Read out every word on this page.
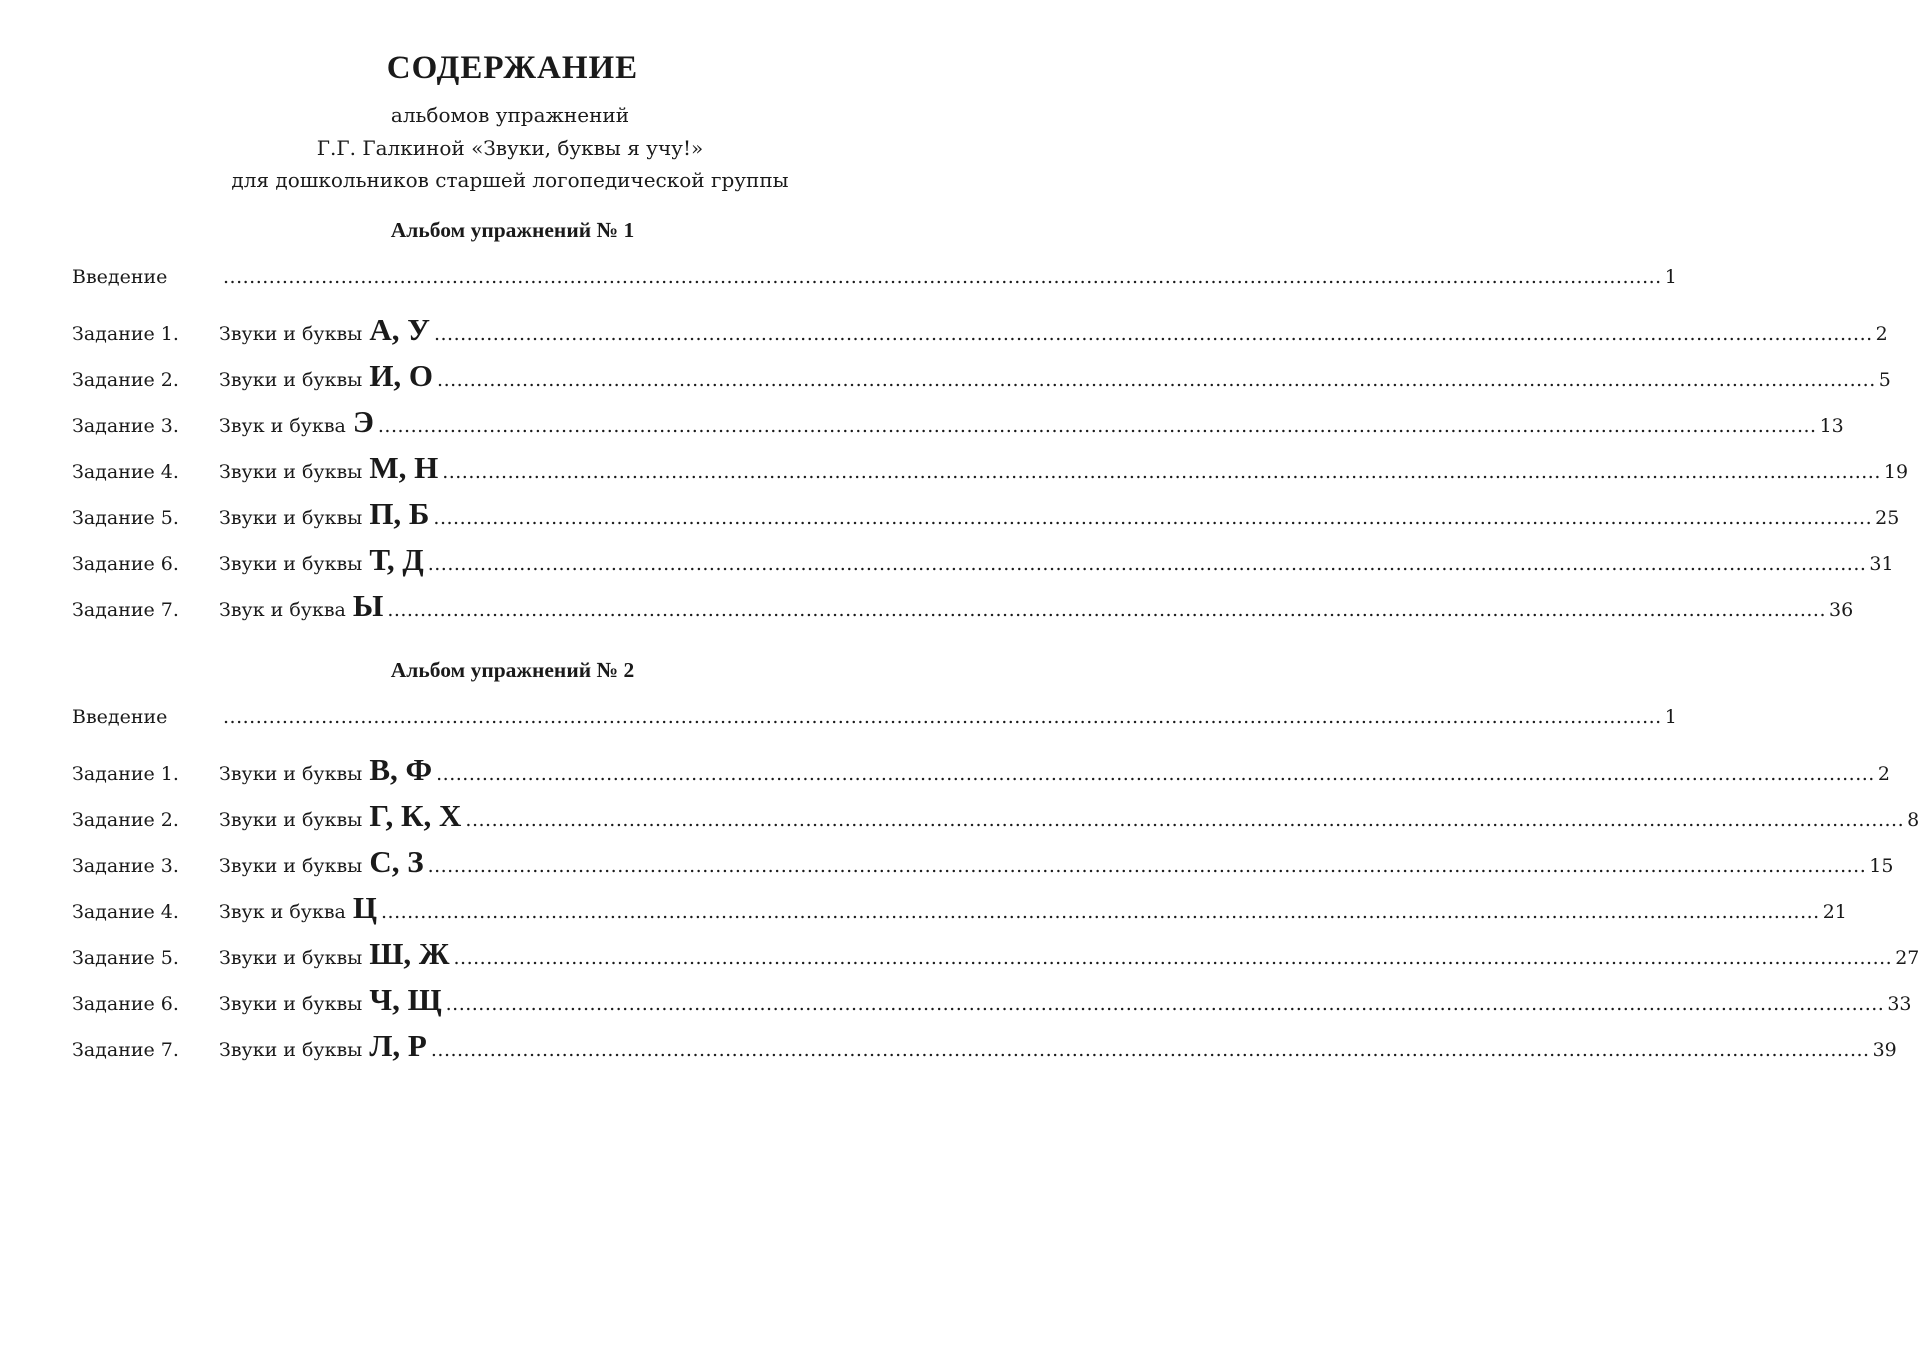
СОДЕРЖАНИЕ

альбомов упражнений

Г.Г. Галкиной «Звуки, буквы я учу!»

для дошкольников старшей логопедической группы

Альбом упражнений № 1
Введение	............................................................................................................................................................................................................................ 1
Задание 1.	Звуки и буквы А, У ............................................................................................................................................................................................................................ 2
Задание 2.	Звуки и буквы И, О ............................................................................................................................................................................................................................ 5
Задание 3.	Звук и буква Э ............................................................................................................................................................................................................................ 13
Задание 4.	Звуки и буквы М, Н ............................................................................................................................................................................................................................ 19
Задание 5.	Звуки и буквы П, Б ............................................................................................................................................................................................................................ 25
Задание 6.	Звуки и буквы Т, Д ............................................................................................................................................................................................................................ 31
Задание 7.	Звук и буква Ы ............................................................................................................................................................................................................................ 36
Альбом упражнений № 2
Введение	............................................................................................................................................................................................................................ 1
Задание 1.	Звуки и буквы В, Ф ............................................................................................................................................................................................................................ 2
Задание 2.	Звуки и буквы Г, К, Х ............................................................................................................................................................................................................................ 8
Задание 3.	Звуки и буквы С, З ............................................................................................................................................................................................................................ 15
Задание 4.	Звук и буква Ц ............................................................................................................................................................................................................................ 21
Задание 5.	Звуки и буквы Ш, Ж ............................................................................................................................................................................................................................ 27
Задание 6.	Звуки и буквы Ч, Щ ............................................................................................................................................................................................................................ 33
Задание 7.	Звуки и буквы Л, Р ............................................................................................................................................................................................................................ 39
